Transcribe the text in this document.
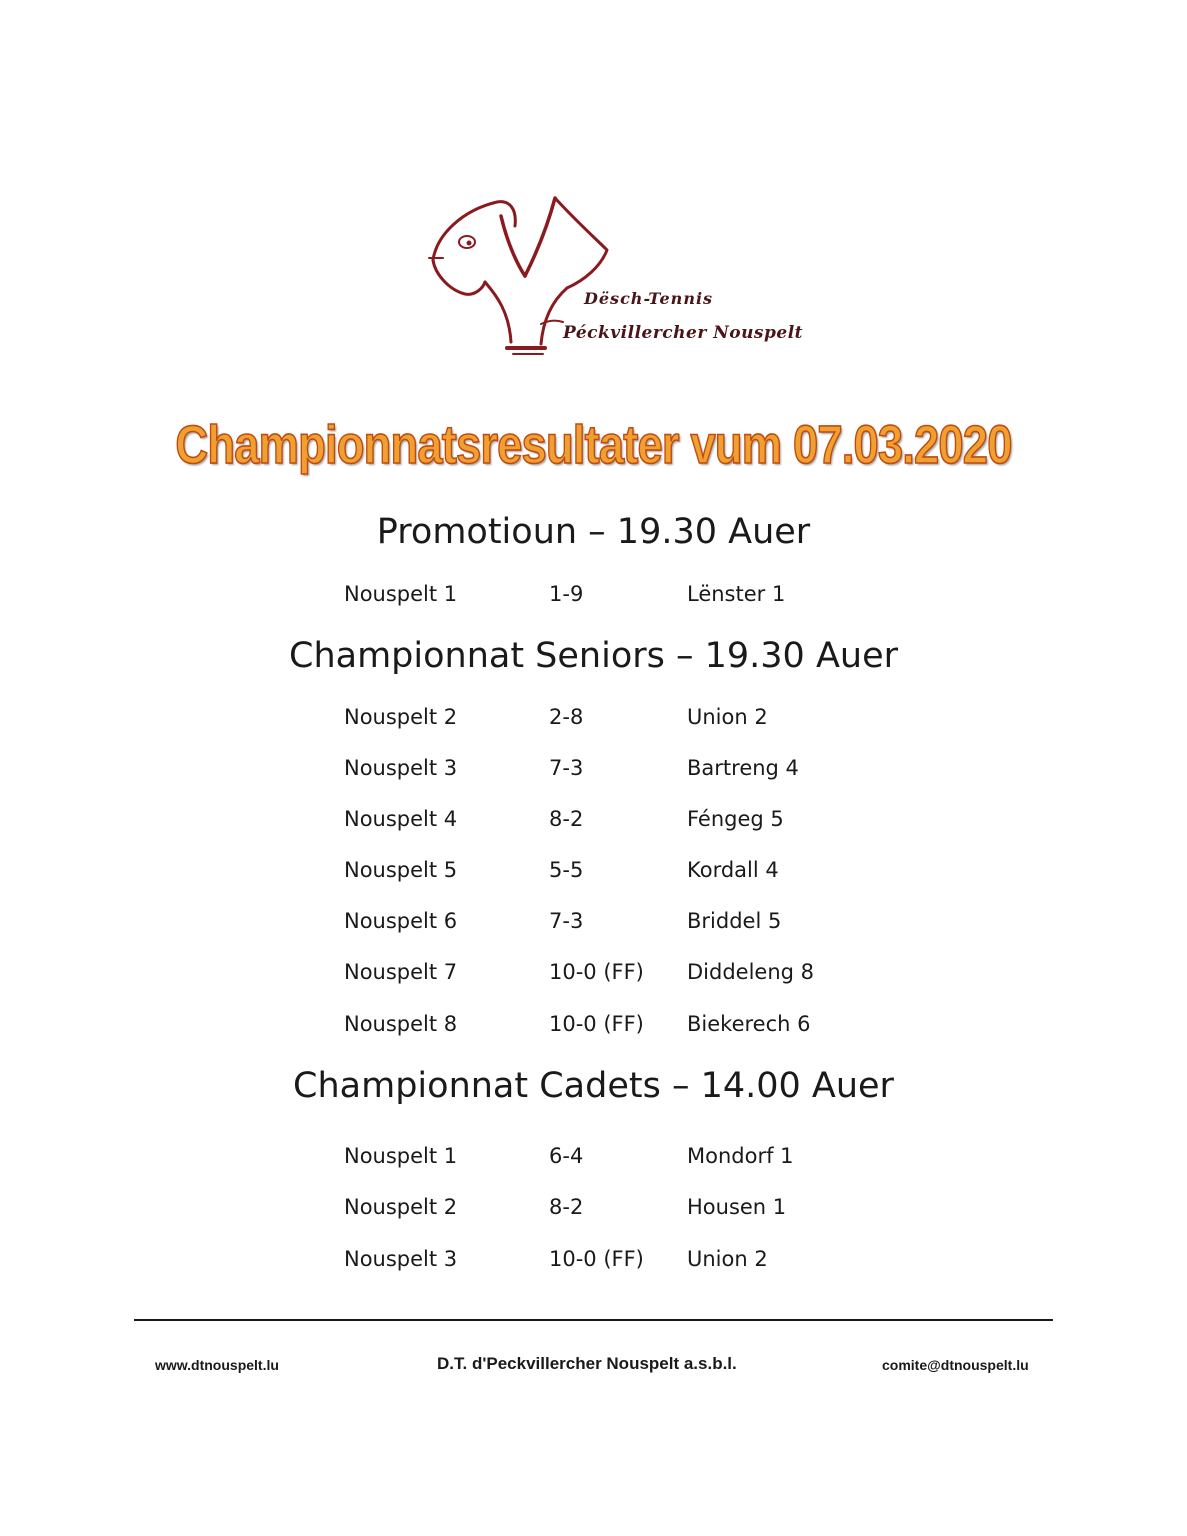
Dësch-Tennis
Péckvillercher Nouspelt
Championnatsresultater vum 07.03.2020
Promotioun – 19.30 Auer
Nouspelt 1	1-9	Lënster 1
Championnat Seniors – 19.30 Auer
Nouspelt 2	2-8	Union 2
Nouspelt 3	7-3	Bartreng 4
Nouspelt 4	8-2	Féngeg 5
Nouspelt 5	5-5	Kordall 4
Nouspelt 6	7-3	Briddel 5
Nouspelt 7	10-0 (FF) Diddeleng 8
Nouspelt 8	10-0 (FF) Biekerech 6
Championnat Cadets – 14.00 Auer
Nouspelt 1	6-4	Mondorf 1
Nouspelt 2	8-2	Housen 1
Nouspelt 3	10-0 (FF) Union 2
www.dtnouspelt.lu	D.T. d'Peckvillercher Nouspelt a.s.b.l.	comite@dtnouspelt.lu
